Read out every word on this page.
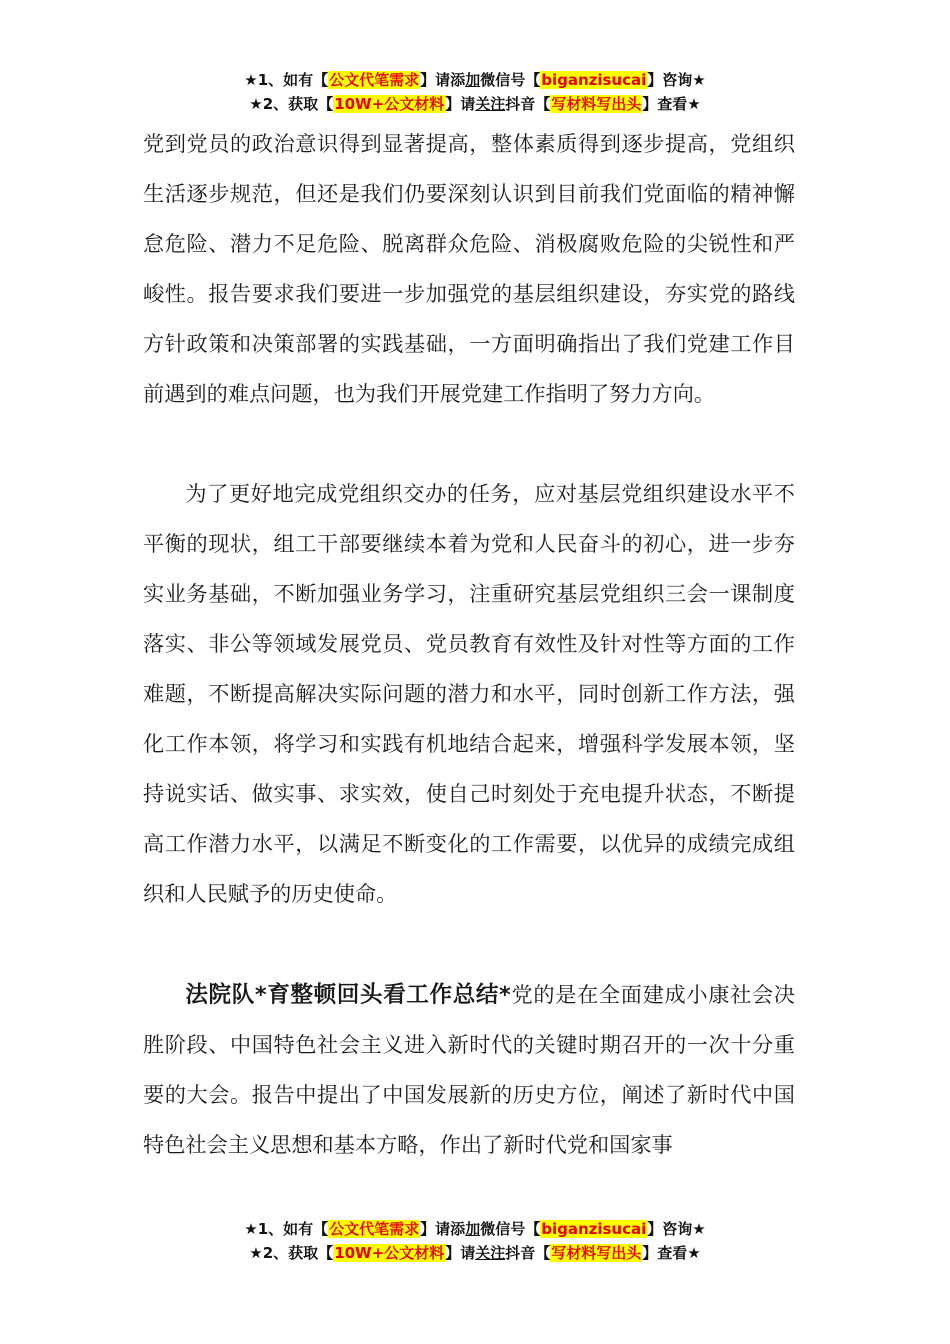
★1、如有【公文代笔需求】请添加微信号【biganzisucai】咨询★
★2、获取【10W+公文材料】请关注抖音【写材料写出头】查看★

党到党员的政治意识得到显著提高，整体素质得到逐步提高，党组织生活逐步规范，但还是我们仍要深刻认识到目前我们党面临的精神懈怠危险、潜力不足危险、脱离群众危险、消极腐败危险的尖锐性和严峻性。报告要求我们要进一步加强党的基层组织建设，夯实党的路线方针政策和决策部署的实践基础，一方面明确指出了我们党建工作目前遇到的难点问题，也为我们开展党建工作指明了努力方向。

为了更好地完成党组织交办的任务，应对基层党组织建设水平不平衡的现状，组工干部要继续本着为党和人民奋斗的初心，进一步夯实业务基础，不断加强业务学习，注重研究基层党组织三会一课制度落实、非公等领域发展党员、党员教育有效性及针对性等方面的工作难题，不断提高解决实际问题的潜力和水平，同时创新工作方法，强化工作本领，将学习和实践有机地结合起来，增强科学发展本领，坚持说实话、做实事、求实效，使自己时刻处于充电提升状态，不断提高工作潜力水平，以满足不断变化的工作需要，以优异的成绩完成组织和人民赋予的历史使命。

法院队*育整顿回头看工作总结*党的是在全面建成小康社会决胜阶段、中国特色社会主义进入新时代的关键时期召开的一次十分重要的大会。报告中提出了中国发展新的历史方位，阐述了新时代中国特色社会主义思想和基本方略，作出了新时代党和国家事

★1、如有【公文代笔需求】请添加微信号【biganzisucai】咨询★
★2、获取【10W+公文材料】请关注抖音【写材料写出头】查看★
